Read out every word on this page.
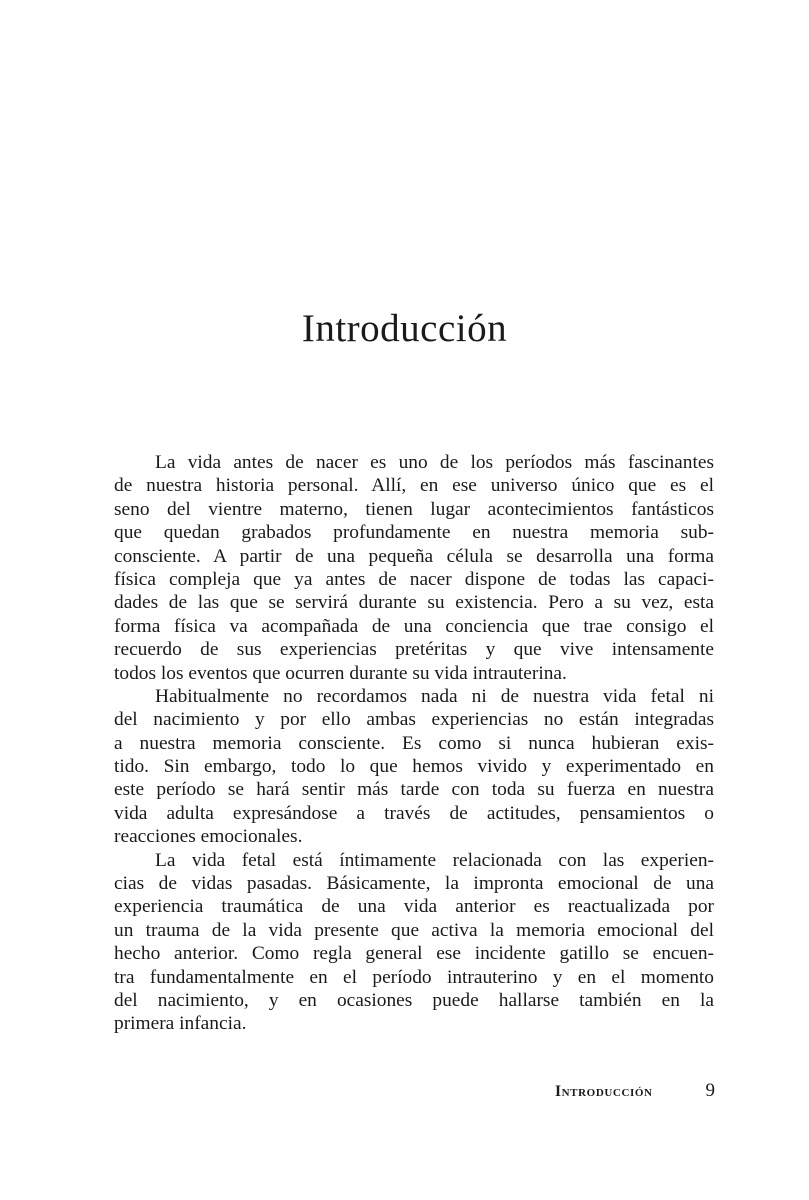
Introducción
La vida antes de nacer es uno de los períodos más fascinantes
de nuestra historia personal. Allí, en ese universo único que es el
seno del vientre materno, tienen lugar acontecimientos fantásticos
que quedan grabados profundamente en nuestra memoria sub-
consciente. A partir de una pequeña célula se desarrolla una forma
física compleja que ya antes de nacer dispone de todas las capaci-
dades de las que se servirá durante su existencia. Pero a su vez, esta
forma física va acompañada de una conciencia que trae consigo el
recuerdo de sus experiencias pretéritas y que vive intensamente
todos los eventos que ocurren durante su vida intrauterina.
Habitualmente no recordamos nada ni de nuestra vida fetal ni
del nacimiento y por ello ambas experiencias no están integradas
a nuestra memoria consciente. Es como si nunca hubieran exis-
tido. Sin embargo, todo lo que hemos vivido y experimentado en
este período se hará sentir más tarde con toda su fuerza en nuestra
vida adulta expresándose a través de actitudes, pensamientos o
reacciones emocionales.
La vida fetal está íntimamente relacionada con las experien-
cias de vidas pasadas. Básicamente, la impronta emocional de una
experiencia traumática de una vida anterior es reactualizada por
un trauma de la vida presente que activa la memoria emocional del
hecho anterior. Como regla general ese incidente gatillo se encuen-
tra fundamentalmente en el período intrauterino y en el momento
del nacimiento, y en ocasiones puede hallarse también en la
primera infancia.
Introducción	9
